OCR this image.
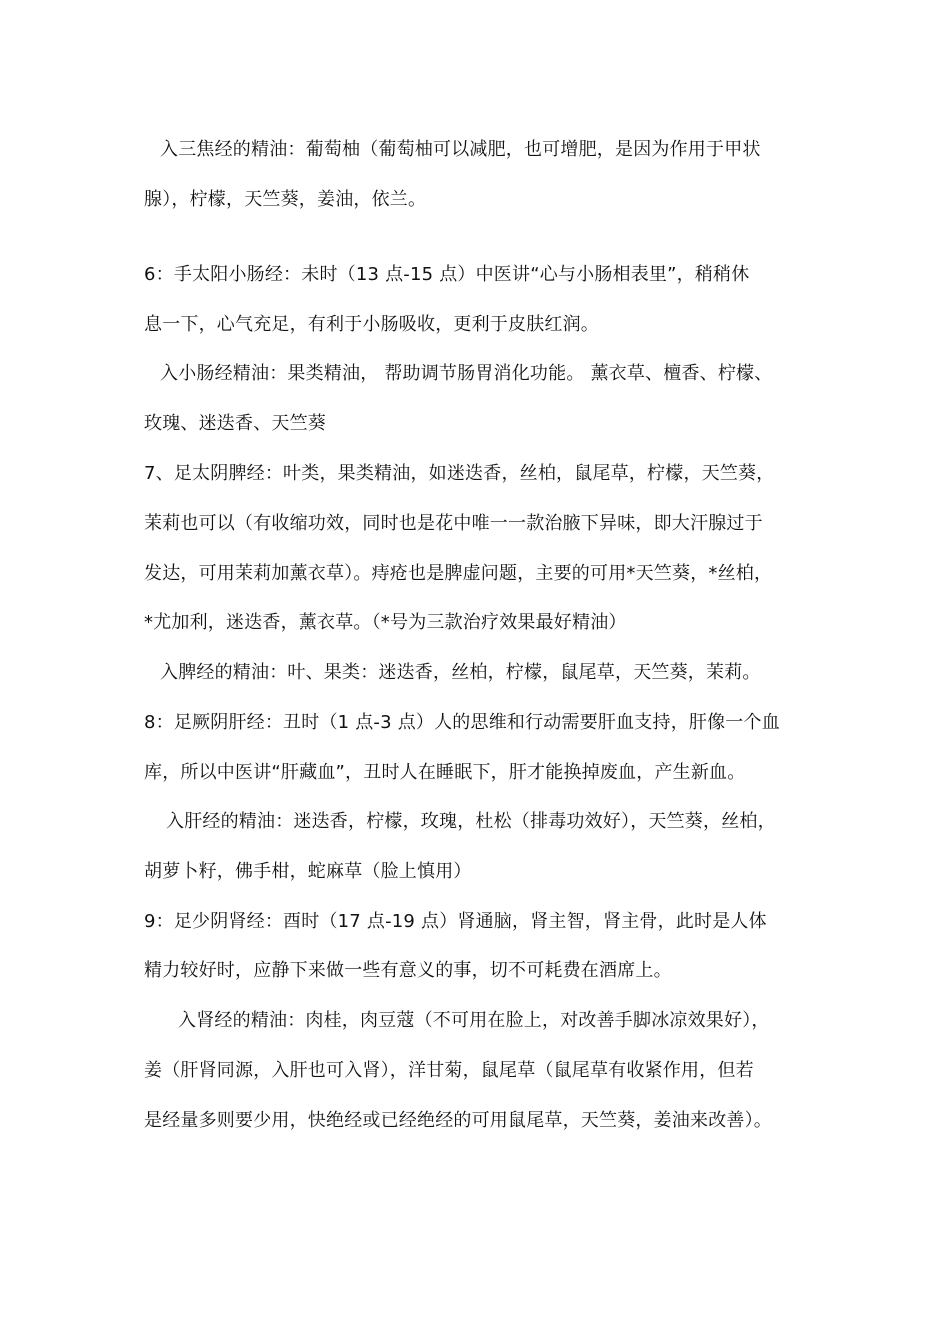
入三焦经的精油：葡萄柚（葡萄柚可以减肥，也可增肥，是因为作用于甲状
腺），柠檬，天竺葵，姜油，依兰。
6：手太阳小肠经：未时（13 点-15 点）中医讲“心与小肠相表里”，稍稍休
息一下，心气充足，有利于小肠吸收，更利于皮肤红润。
入小肠经精油：果类精油， 帮助调节肠胃消化功能。 薰衣草、檀香、柠檬、
玫瑰、迷迭香、天竺葵
7、足太阴脾经：叶类，果类精油，如迷迭香，丝柏，鼠尾草，柠檬，天竺葵，
茉莉也可以（有收缩功效，同时也是花中唯一一款治腋下异味，即大汗腺过于
发达，可用茉莉加薰衣草）。痔疮也是脾虚问题，主要的可用*天竺葵，*丝柏，
*尤加利，迷迭香，薰衣草。（*号为三款治疗效果最好精油）
入脾经的精油：叶、果类：迷迭香，丝柏，柠檬，鼠尾草，天竺葵，茉莉。
8：足厥阴肝经：丑时（1 点-3 点）人的思维和行动需要肝血支持，肝像一个血
库，所以中医讲“肝藏血”，丑时人在睡眠下，肝才能换掉废血，产生新血。
入肝经的精油：迷迭香，柠檬，玫瑰，杜松（排毒功效好），天竺葵，丝柏，
胡萝卜籽，佛手柑，蛇麻草（脸上慎用）
9：足少阴肾经：酉时（17 点-19 点）肾通脑，肾主智，肾主骨，此时是人体
精力较好时，应静下来做一些有意义的事，切不可耗费在酒席上。
入肾经的精油：肉桂，肉豆蔻（不可用在脸上，对改善手脚冰凉效果好），
姜（肝肾同源，入肝也可入肾），洋甘菊，鼠尾草（鼠尾草有收紧作用，但若
是经量多则要少用，快绝经或已经绝经的可用鼠尾草，天竺葵，姜油来改善）。
